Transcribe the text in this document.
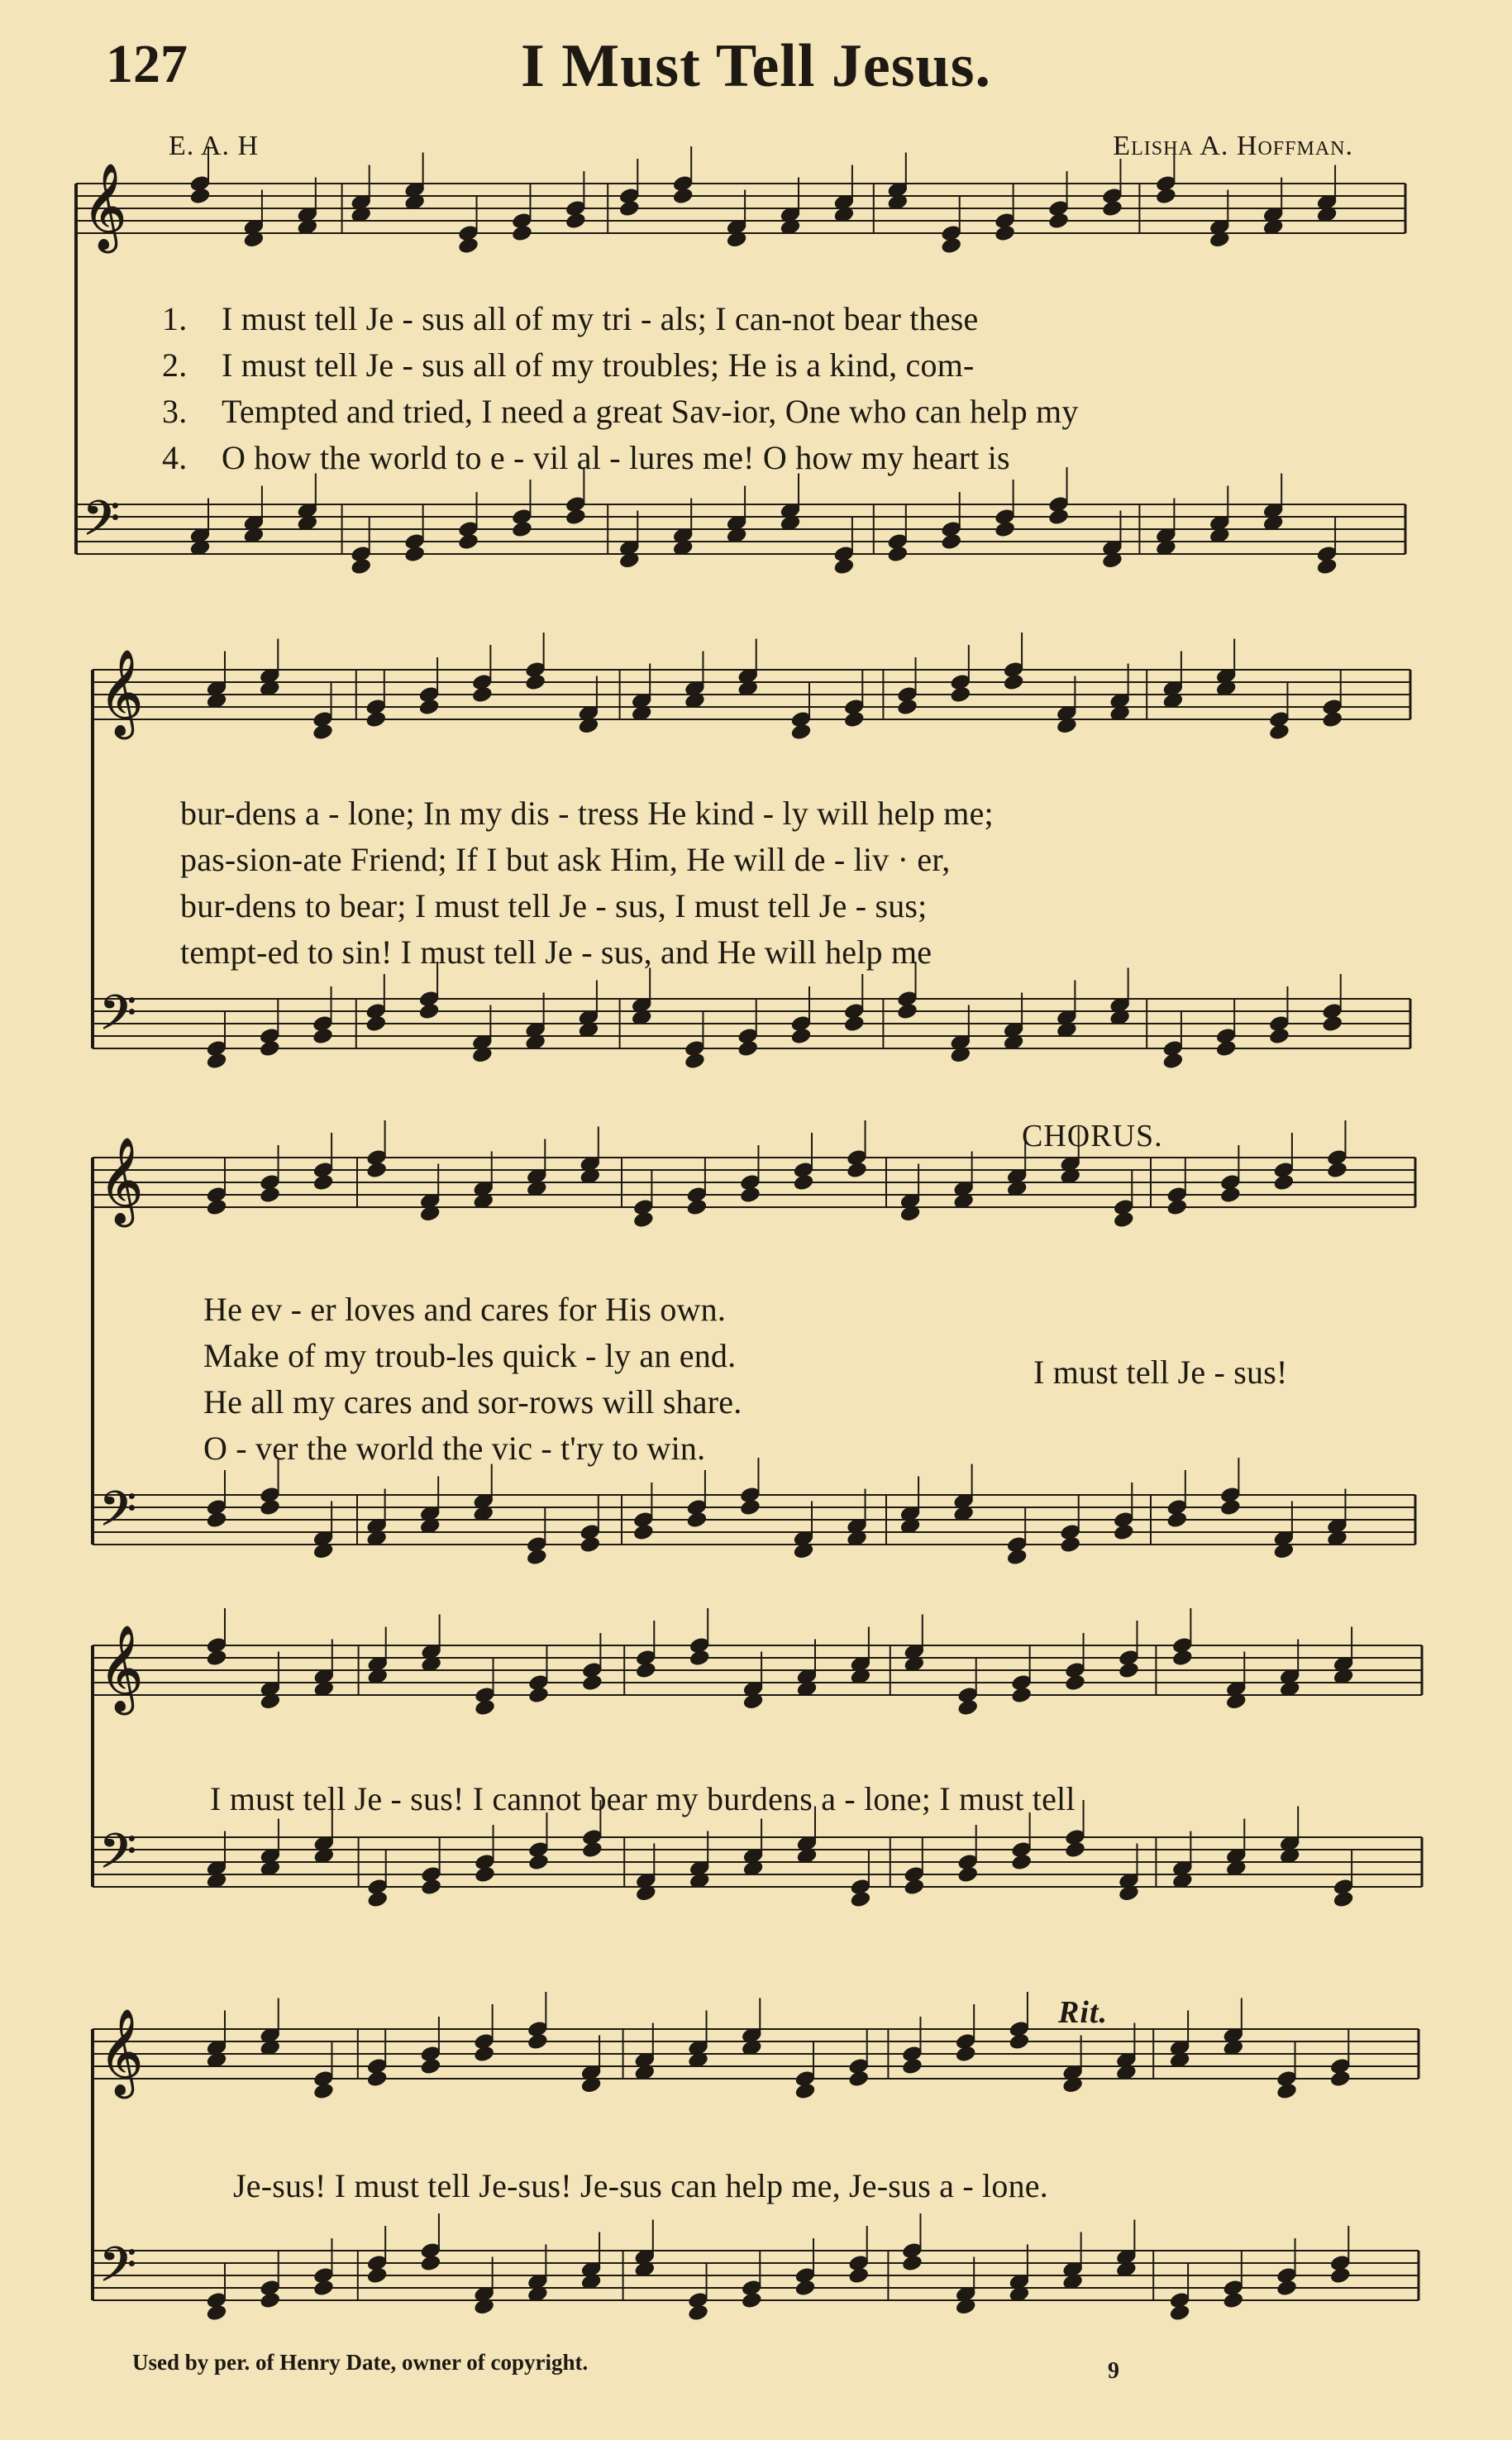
127	I Must Tell Jesus.
E. A. H	Elisha A. Hoffman.
𝄞
𝄢
𝄞
𝄢
𝄞
𝄢
𝄞
𝄢
𝄞
𝄢
1. I must tell Je - sus all of my tri - als; I can-not bear these
2. I must tell Je - sus all of my troubles; He is a kind, com-
3. Tempted and tried, I need a great Sav-ior, One who can help my
4. O how the world to e - vil al - lures me! O how my heart is
bur-dens a - lone; In my dis - tress He kind - ly will help me;
pas-sion-ate Friend; If I but ask Him, He will de - liv · er,
bur-dens to bear; I must tell Je - sus, I must tell Je - sus;
tempt-ed to sin! I must tell Je - sus, and He will help me
He ev - er loves and cares for His own.
Make of my troub-les quick - ly an end.
He all my cares and sor-rows will share.
O - ver the world the vic - t'ry to win.
CHORUS.
I must tell Je - sus!
I must tell Je - sus! I cannot bear my burdens a - lone; I must tell
Je-sus! I must tell Je-sus! Je-sus can help me, Je-sus a - lone.
Rit.
Used by per. of Henry Date, owner of copyright.	9
